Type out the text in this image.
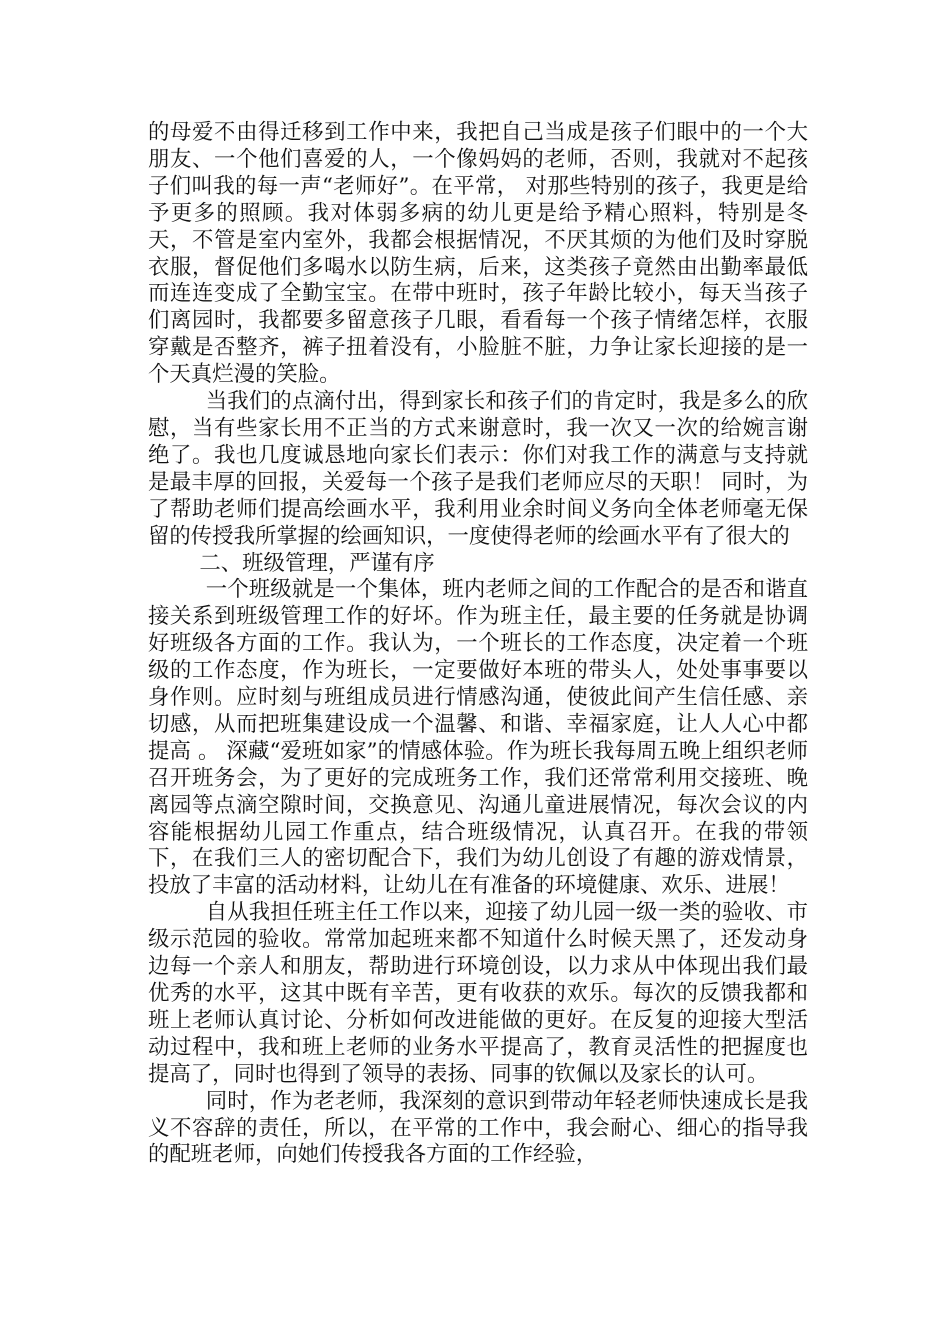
的母爱不由得迁移到工作中来，我把自己当成是孩子们眼中的一个大朋友、一个他们喜爱的人，一个像妈妈的老师，否则，我就对不起孩子们叫我的每一声“老师好”。在平常， 对那些特别的孩子，我更是给予更多的照顾。我对体弱多病的幼儿更是给予精心照料，特别是冬天，不管是室内室外，我都会根据情况，不厌其烦的为他们及时穿脱衣服，督促他们多喝水以防生病，后来，这类孩子竟然由出勤率最低而连连变成了全勤宝宝。在带中班时，孩子年龄比较小，每天当孩子们离园时，我都要多留意孩子几眼，看看每一个孩子情绪怎样，衣服穿戴是否整齐，裤子扭着没有，小脸脏不脏，力争让家长迎接的是一个天真烂漫的笑脸。

当我们的点滴付出，得到家长和孩子们的肯定时，我是多么的欣慰，当有些家长用不正当的方式来谢意时，我一次又一次的给婉言谢绝了。我也几度诚恳地向家长们表示：你们对我工作的满意与支持就是最丰厚的回报，关爱每一个孩子是我们老师应尽的天职！ 同时，为了帮助老师们提高绘画水平，我利用业余时间义务向全体老师毫无保留的传授我所掌握的绘画知识，一度使得老师的绘画水平有了很大的

二、班级管理，严谨有序

一个班级就是一个集体，班内老师之间的工作配合的是否和谐直接关系到班级管理工作的好坏。作为班主任，最主要的任务就是协调好班级各方面的工作。我认为，一个班长的工作态度，决定着一个班级的工作态度，作为班长，一定要做好本班的带头人，处处事事要以身作则。应时刻与班组成员进行情感沟通，使彼此间产生信任感、亲切感，从而把班集建设成一个温馨、和谐、幸福家庭，让人人心中都提高 。 深藏“爱班如家”的情感体验。作为班长我每周五晚上组织老师召开班务会，为了更好的完成班务工作，我们还常常利用交接班、晚离园等点滴空隙时间，交换意见、沟通儿童进展情况，每次会议的内容能根据幼儿园工作重点，结合班级情况，认真召开。在我的带领下，在我们三人的密切配合下，我们为幼儿创设了有趣的游戏情景，投放了丰富的活动材料，让幼儿在有准备的环境健康、欢乐、进展！

自从我担任班主任工作以来，迎接了幼儿园一级一类的验收、市级示范园的验收。常常加起班来都不知道什么时候天黑了，还发动身边每一个亲人和朋友，帮助进行环境创设，以力求从中体现出我们最优秀的水平，这其中既有辛苦，更有收获的欢乐。每次的反馈我都和班上老师认真讨论、分析如何改进能做的更好。在反复的迎接大型活动过程中，我和班上老师的业务水平提高了，教育灵活性的把握度也提高了，同时也得到了领导的表扬、同事的钦佩以及家长的认可。

同时，作为老老师，我深刻的意识到带动年轻老师快速成长是我义不容辞的责任，所以，在平常的工作中，我会耐心、细心的指导我的配班老师，向她们传授我各方面的工作经验，
